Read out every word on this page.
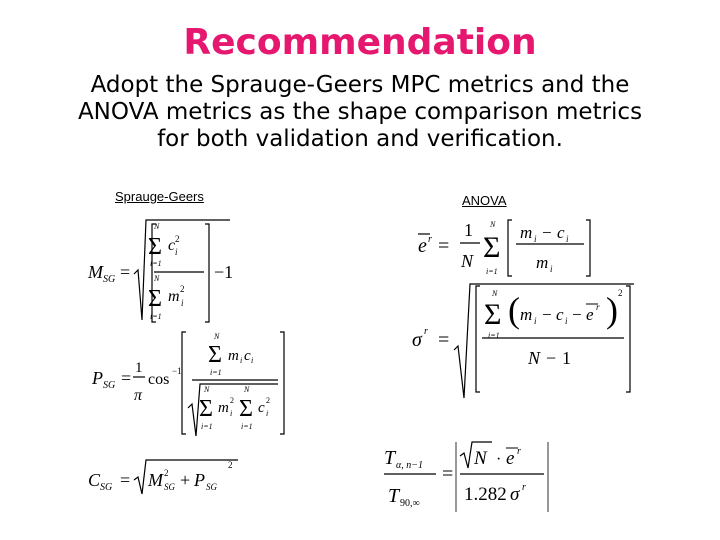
Recommendation
Adopt the Sprauge-Geers MPC metrics and the
ANOVA metrics as the shape comparison metrics
for both validation and verification.
Sprauge-Geers	ANOVA
M SG =
N
Σ
i=1
c 2
i
N
Σ
i=1
m 2
i
−1
P SG = 1
π
cos −1
N
Σ
i=1
m i c i
N
Σ
i=1
m 2
i
N
Σ
i=1
c 2
i
C SG = M 2
SG + P SG
2
e r =
1
N
N
Σ
i=1
m i − c i
m i
σ r =
N
Σ
i=1
( m i − c i − e r ) 2
N − 1
T α, n−1
T 90,∞
=
N · e r
1.282 σ r
